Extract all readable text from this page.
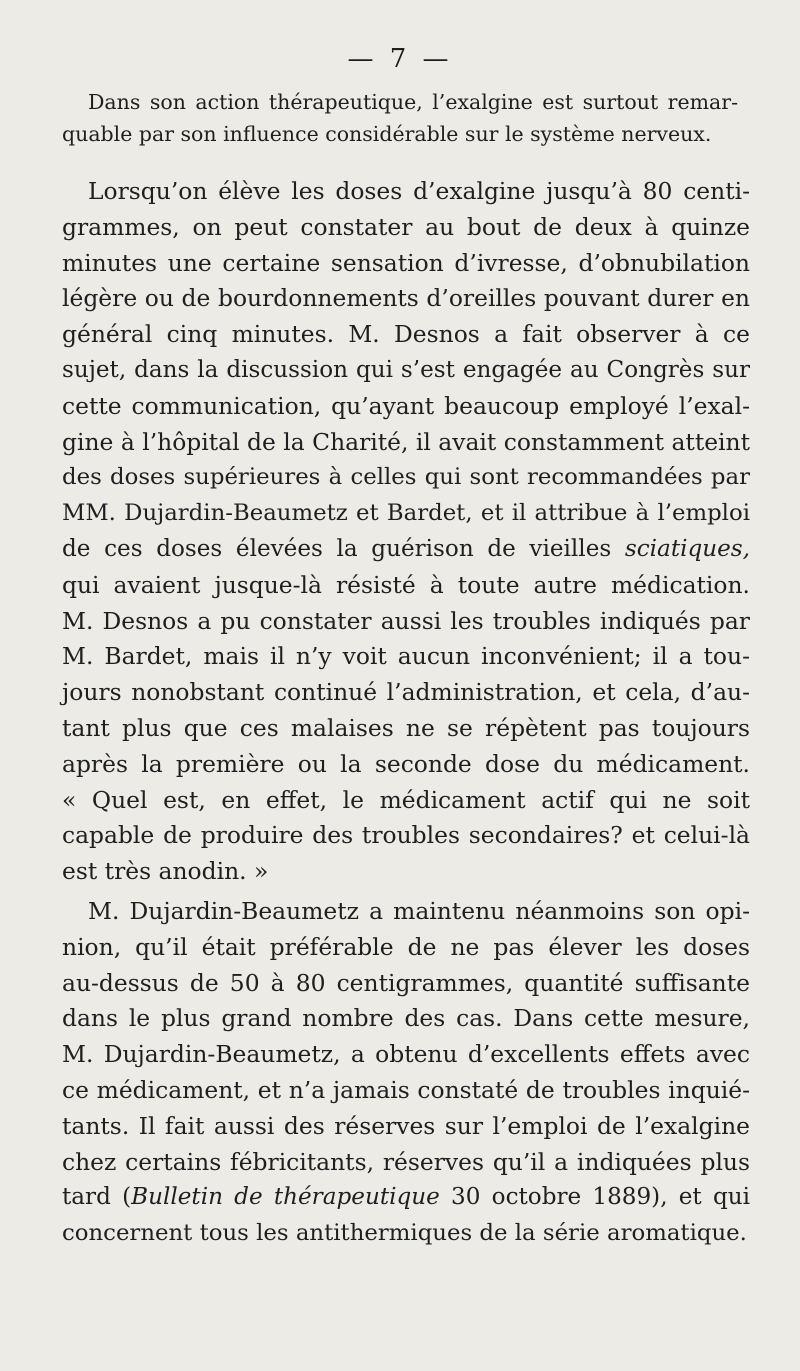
— 7 —
Dans son action thérapeutique, l’exalgine est surtout remar-
quable par son influence considérable sur le système nerveux.
Lorsqu’on élève les doses d’exalgine jusqu’à 80 centi-
grammes, on peut constater au bout de deux à quinze
minutes une certaine sensation d’ivresse, d’obnubilation
légère ou de bourdonnements d’oreilles pouvant durer en
général cinq minutes. M. Desnos a fait observer à ce
sujet, dans la discussion qui s’est engagée au Congrès sur
cette communication, qu’ayant beaucoup employé l’exal-
gine à l’hôpital de la Charité, il avait constamment atteint
des doses supérieures à celles qui sont recommandées par
MM. Dujardin-Beaumetz et Bardet, et il attribue à l’emploi
de ces doses élevées la guérison de vieilles sciatiques,
qui avaient jusque-là résisté à toute autre médication.
M. Desnos a pu constater aussi les troubles indiqués par
M. Bardet, mais il n’y voit aucun inconvénient; il a tou-
jours nonobstant continué l’administration, et cela, d’au-
tant plus que ces malaises ne se répètent pas toujours
après la première ou la seconde dose du médicament.
« Quel est, en effet, le médicament actif qui ne soit
capable de produire des troubles secondaires? et celui-là
est très anodin. »
M. Dujardin-Beaumetz a maintenu néanmoins son opi-
nion, qu’il était préférable de ne pas élever les doses
au-dessus de 50 à 80 centigrammes, quantité suffisante
dans le plus grand nombre des cas. Dans cette mesure,
M. Dujardin-Beaumetz, a obtenu d’excellents effets avec
ce médicament, et n’a jamais constaté de troubles inquié-
tants. Il fait aussi des réserves sur l’emploi de l’exalgine
chez certains fébricitants, réserves qu’il a indiquées plus
tard (Bulletin de thérapeutique 30 octobre 1889), et qui
concernent tous les antithermiques de la série aromatique.
